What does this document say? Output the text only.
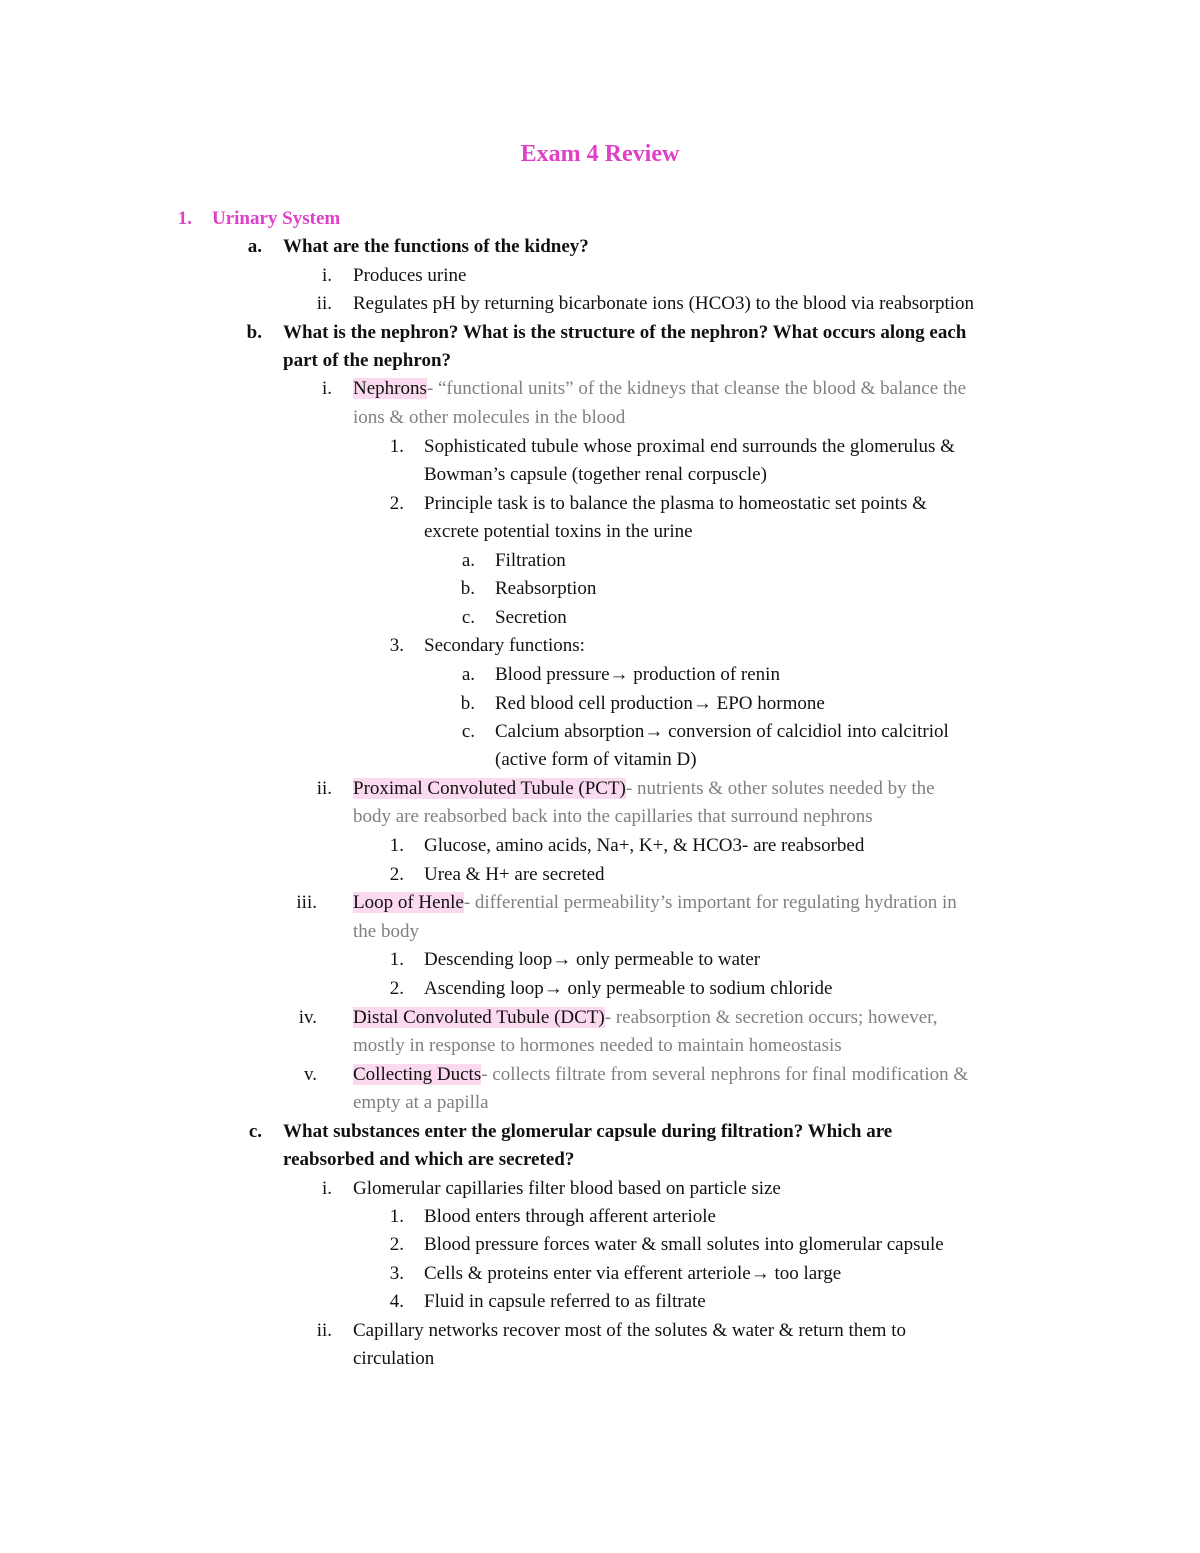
Exam 4 Review
1. Urinary System
a. What are the functions of the kidney?
i. Produces urine
ii. Regulates pH by returning bicarbonate ions (HCO3) to the blood via reabsorption
b. What is the nephron? What is the structure of the nephron? What occurs along each
part of the nephron?
i. Nephrons- “functional units” of the kidneys that cleanse the blood & balance the
ions & other molecules in the blood
1. Sophisticated tubule whose proximal end surrounds the glomerulus &
Bowman’s capsule (together renal corpuscle)
2. Principle task is to balance the plasma to homeostatic set points &
excrete potential toxins in the urine
a. Filtration
b. Reabsorption
c. Secretion
3. Secondary functions:
a. Blood pressure→ production of renin
b. Red blood cell production→ EPO hormone
c. Calcium absorption→ conversion of calcidiol into calcitriol
(active form of vitamin D)
ii. Proximal Convoluted Tubule (PCT)- nutrients & other solutes needed by the
body are reabsorbed back into the capillaries that surround nephrons
1. Glucose, amino acids, Na+, K+, & HCO3- are reabsorbed
2. Urea & H+ are secreted
iii. Loop of Henle- differential permeability’s important for regulating hydration in
the body
1. Descending loop→ only permeable to water
2. Ascending loop→ only permeable to sodium chloride
iv. Distal Convoluted Tubule (DCT)- reabsorption & secretion occurs; however,
mostly in response to hormones needed to maintain homeostasis
v. Collecting Ducts- collects filtrate from several nephrons for final modification &
empty at a papilla
c. What substances enter the glomerular capsule during filtration? Which are
reabsorbed and which are secreted?
i. Glomerular capillaries filter blood based on particle size
1. Blood enters through afferent arteriole
2. Blood pressure forces water & small solutes into glomerular capsule
3. Cells & proteins enter via efferent arteriole→ too large
4. Fluid in capsule referred to as filtrate
ii. Capillary networks recover most of the solutes & water & return them to
circulation
